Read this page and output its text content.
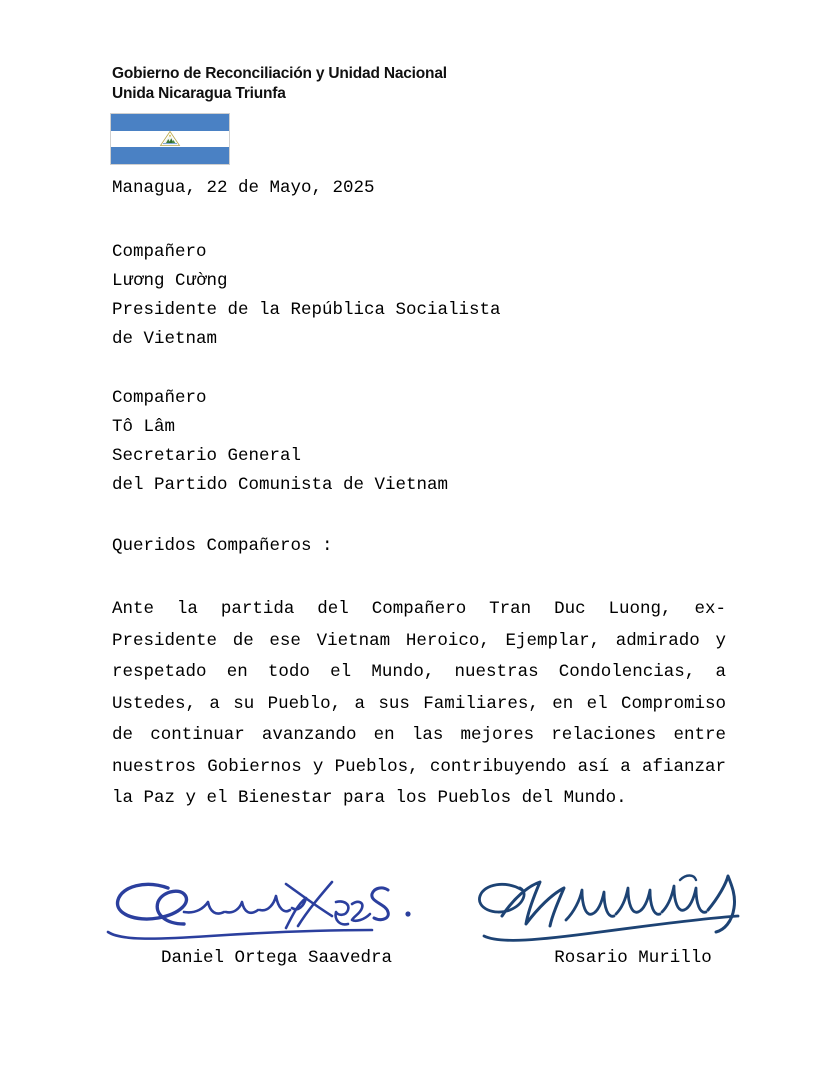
Gobierno de Reconciliación y Unidad Nacional
Unida Nicaragua Triunfa
Managua, 22 de Mayo, 2025
Compañero
Lương Cường
Presidente de la República Socialista
de Vietnam
Compañero
Tô Lâm
Secretario General
del Partido Comunista de Vietnam
Queridos Compañeros :
Ante la partida del Compañero Tran Duc Luong, ex-Presidente de ese Vietnam Heroico, Ejemplar, admirado y respetado en todo el Mundo, nuestras Condolencias, a Ustedes, a su Pueblo, a sus Familiares, en el Compromiso de continuar avanzando en las mejores relaciones entre nuestros Gobiernos y Pueblos, contribuyendo así a afianzar la Paz y el Bienestar para los Pueblos del Mundo.
Daniel Ortega Saavedra	Rosario Murillo
